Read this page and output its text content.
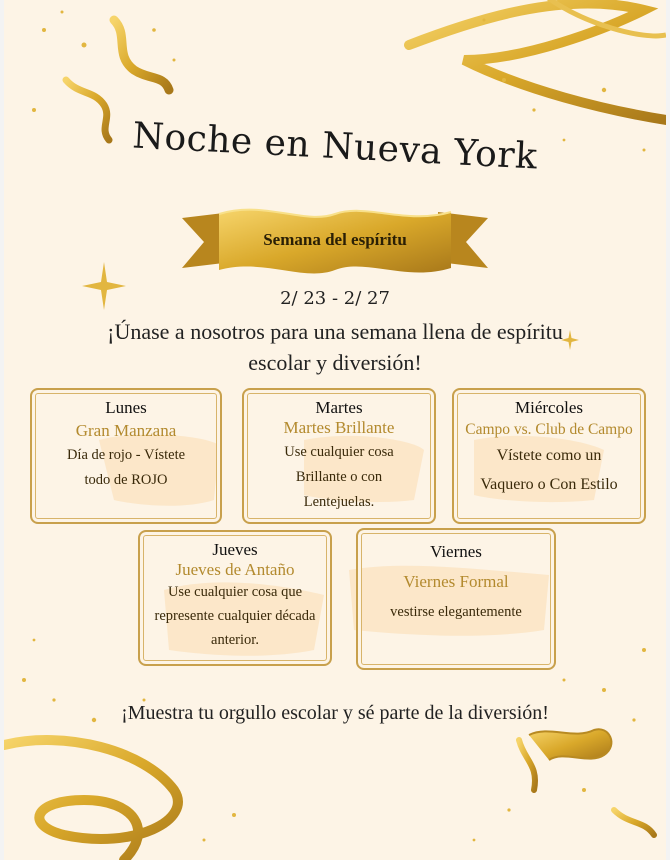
Noche en Nueva York
Semana del espíritu
2/ 23 - 2/ 27
¡Únase a nosotros para una semana llena de espíritu escolar y diversión!
Lunes
Gran Manzana
Día de rojo - Vístete todo de ROJO
Martes
Martes Brillante
Use cualquier cosa Brillante o con Lentejuelas.
Miércoles
Campo vs. Club de Campo
Vístete como un Vaquero o Con Estilo
Jueves
Jueves de Antaño
Use cualquier cosa que represente cualquier década anterior.
Viernes
Viernes Formal
vestirse elegantemente
¡Muestra tu orgullo escolar y sé parte de la diversión!
